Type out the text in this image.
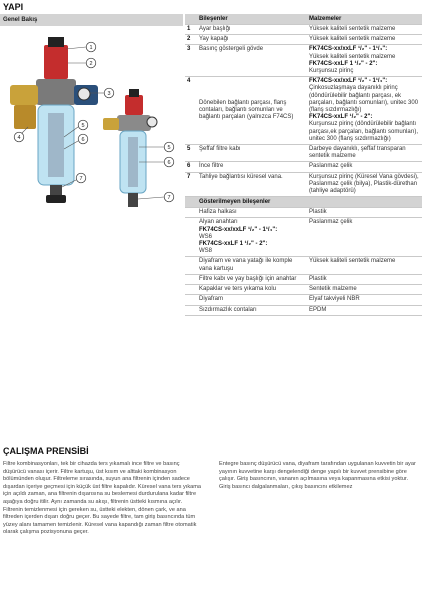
YAPI
Genel Bakış
1
2
3
4
5
6
7
5
6
7
	Bileşenler	Malzemeler
1	Ayar başlığı	Yüksek kaliteli sentetik malzeme

2	Yay kapağı	Yüksek kaliteli sentetik malzeme

3	Basınç göstergeli gövde	FK74CS-xx/xxLF ¹/₂" - 1¹/₄":
Yüksek kaliteli sentetik malzeme
FK74CS-xxLF 1 ¹/₂" - 2":
Kurşunsuz pirinç

4	Dönebilen bağlantı parçası, flanş contaları, bağlantı somunları ve bağlantı parçaları (yalnızca F74CS)	FK74CS-xx/xxLF ¹/₂" - 1¹/₄":
Çinkosuzlaşmaya dayanıklı pirinç (döndürülebilir bağlantı parçası, ek parçaları, bağlantı somunları), unitec 300 (flanş sızdırmazlığı)
FK74CS-xxLF ¹/₂" - 2":
Kurşunsuz pirinç (döndürülebilir bağlantı parçası,ek parçaları, bağlantı somunları), unitec 300 (flanş sızdırmazlığı)

5	Şeffaf filtre kabı	Darbeye dayanıklı, şeffaf transparan sentetik malzeme

6	İnce filtre	Paslanmaz çelik

7	Tahliye bağlantısı küresel vana.	Kurşunsuz pirinç (Küresel Vana gövdesi), Paslanmaz çelik (bilya), Plastik-dürethan (tahliye adaptörü)

	Gösterilmeyen bileşenler	

	Hafiza halkası	Plastik

	Alyan anahtarı
FK74CS-xx/xxLF ¹/₂" - 1¹/₄":
WS6
FK74CS-xxLF 1 ¹/₂" - 2":
WS8	Paslanmaz çelik

	Diyafram ve vana yatağı ile komple vana kartuşu	Yüksek kaliteli sentetik malzeme

	Filtre kabı ve yay başlığı için anahtar	Plastik

	Kapaklar ve ters yıkama kolu	Sentetik malzeme

	Diyafram	Elyaf takviyeli NBR

	Sızdırmazlık contaları	EPDM
ÇALIŞMA PRENSİBİ
Filtre kombinasyonları, tek bir cihazda ters yıkamalı ince filtre ve basınç düşürücü vanası içerir. Filtre kartuşu, üst kısım ve alttaki kombinasyon bölümünden oluşur. Filtreleme sırasında, suyun ana filtrenin içinden sadece dışardan içeriye geçmesi için küçük üst filtre kapalıdır. Küresel vana ters yıkama için açıldı zaman, ana filtrenin dışarısına su beslemesi durdurulana kadar filtre aşağıya doğru itilir. Aynı zamanda su akışı, filtrenin üstteki kısmına açılır. Filtrenin temizlenmesi için gereken su, üstteki elekten, dönen çark, ve ana filtreden içerden dışarı doğru geçer. Bu sayede filtre, tam giriş basıncında tüm yüzey alanı tamamen temizlenir. Küresel vana kapandığı zaman filtre otomatik olarak çalışma pozisyonuna geçer.
Entegre basınç düşürücü vana, diyafram tarafından uygulanan kuvvetin bir ayar yayının kuvvetine karşı dengelendiği denge yapılı bir kuvvet prensibine göre çalışır. Giriş basıncının, vananın açılmasına veya kapanmasına etkisi yoktur. Giriş basıncı dalgalanmaları, çıkış basıncını etkilemez
